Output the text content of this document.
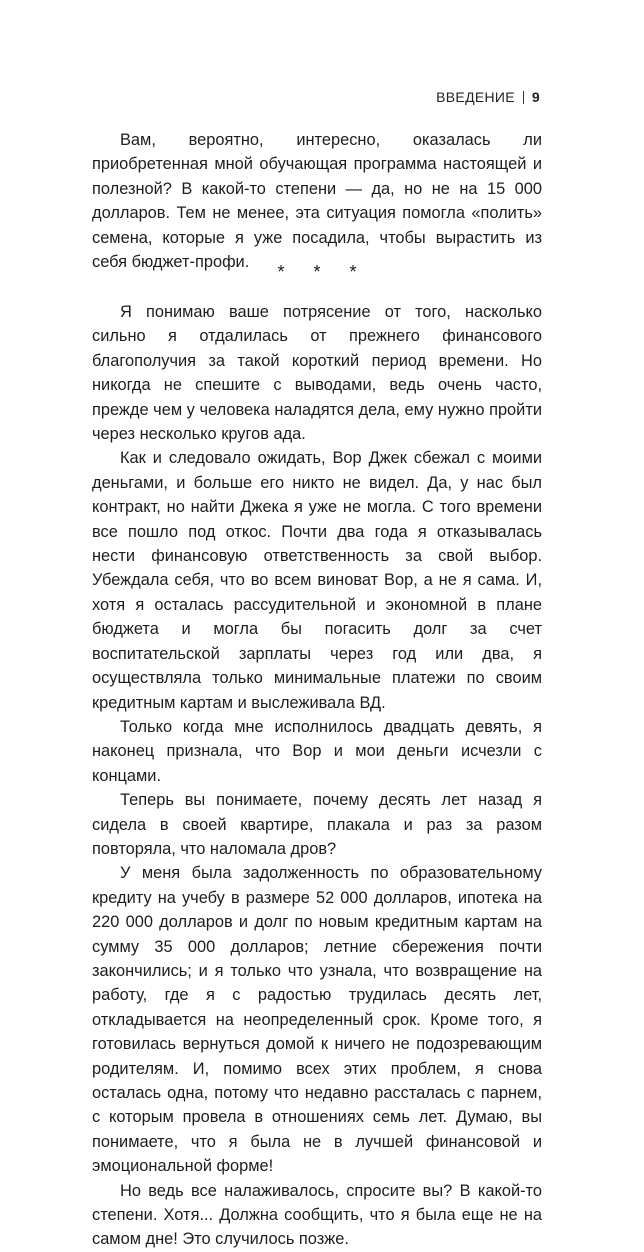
ВВЕДЕНИЕ 9

Вам, вероятно, интересно, оказалась ли приобретенная мной обучающая программа настоящей и полезной? В какой-то степени — да, но не на 15 000 долларов. Тем не менее, эта ситуация помогла «полить» семена, которые я уже посадила, чтобы вырастить из себя бюджет-профи.	* * *

Я понимаю ваше потрясение от того, насколько сильно я отдалилась от прежнего финансового благополучия за такой короткий период времени. Но никогда не спешите с выводами, ведь очень часто, прежде чем у человека наладятся дела, ему нужно пройти через несколько кругов ада.

Как и следовало ожидать, Вор Джек сбежал с моими деньгами, и больше его никто не видел. Да, у нас был контракт, но найти Джека я уже не могла. С того времени все пошло под откос. Почти два года я отказывалась нести финансовую ответственность за свой выбор. Убеждала себя, что во всем виноват Вор, а не я сама. И, хотя я осталась рассудительной и экономной в плане бюджета и могла бы погасить долг за счет воспитательской зарплаты через год или два, я осуществляла только минимальные платежи по своим кредитным картам и выслеживала ВД.

Только когда мне исполнилось двадцать девять, я наконец признала, что Вор и мои деньги исчезли с концами.

Теперь вы понимаете, почему десять лет назад я сидела в своей квартире, плакала и раз за разом повторяла, что наломала дров?

У меня была задолженность по образовательному кредиту на учебу в размере 52 000 долларов, ипотека на 220 000 долларов и долг по новым кредитным картам на сумму 35 000 долларов; летние сбережения почти закончились; и я только что узнала, что возвращение на работу, где я с радостью трудилась десять лет, откладывается на неопределенный срок. Кроме того, я готовилась вернуться домой к ничего не подозревающим родителям. И, помимо всех этих проблем, я снова осталась одна, потому что недавно рассталась с парнем, с которым провела в отношениях семь лет. Думаю, вы понимаете, что я была не в лучшей финансовой и эмоциональной форме!

Но ведь все налаживалось, спросите вы? В какой-то степени. Хотя... Должна сообщить, что я была еще не на самом дне! Это случилось позже.
